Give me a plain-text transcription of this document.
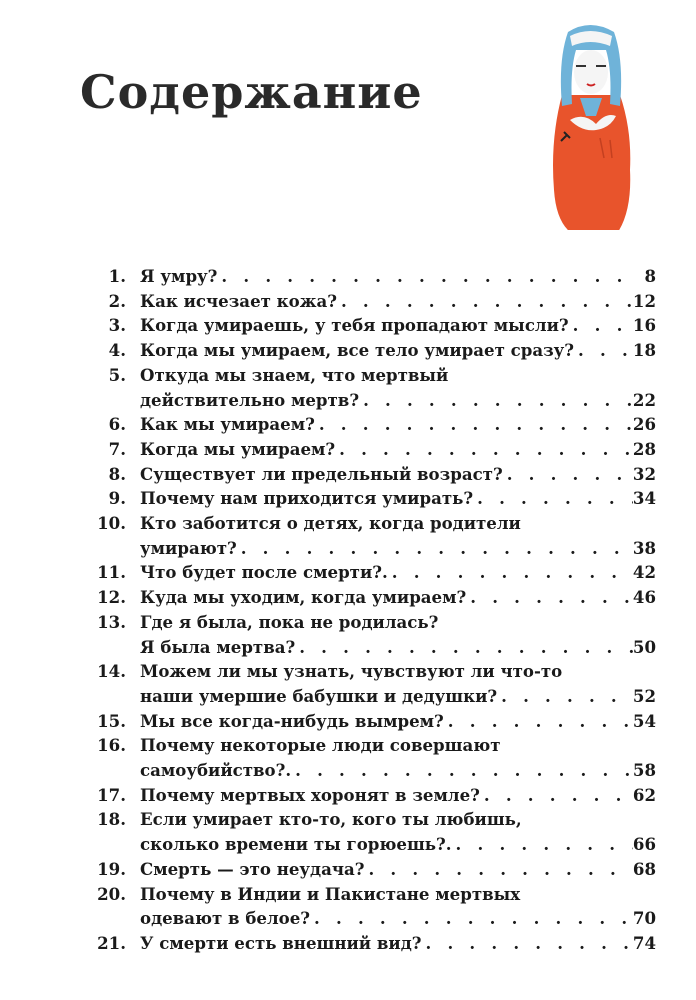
Содержание
1. Я умру? . . .	8
2. Как исчезает кожа? . . .	12
3. Когда умираешь, у тебя пропадают мысли? . . .	16
4. Когда мы умираем, все тело умирает сразу? . . .	18
5. Откуда мы знаем, что мертвый
действительно мертв? . . .	22
6. Как мы умираем? . . .	26
7. Когда мы умираем? . . .	28
8. Существует ли предельный возраст? . . .	32
9. Почему нам приходится умирать? . . .	34
10. Кто заботится о детях, когда родители
умирают? . . .	38
11. Что будет после смерти?. . . .	42
12. Куда мы уходим, когда умираем? . . .	46
13. Где я была, пока не родилась?
Я была мертва? . . .	50
14. Можем ли мы узнать, чувствуют ли что-то
наши умершие бабушки и дедушки? . . .	52
15. Мы все когда-нибудь вымрем? . . .	54
16. Почему некоторые люди совершают
самоубийство?. . . .	58
17. Почему мертвых хоронят в земле? . . .	62
18. Если умирает кто-то, кого ты любишь,
сколько времени ты горюешь?. . . .	66
19. Смерть — это неудача? . . .	68
20. Почему в Индии и Пакистане мертвых
одевают в белое? . . .	70
21. У смерти есть внешний вид? . . .	74
